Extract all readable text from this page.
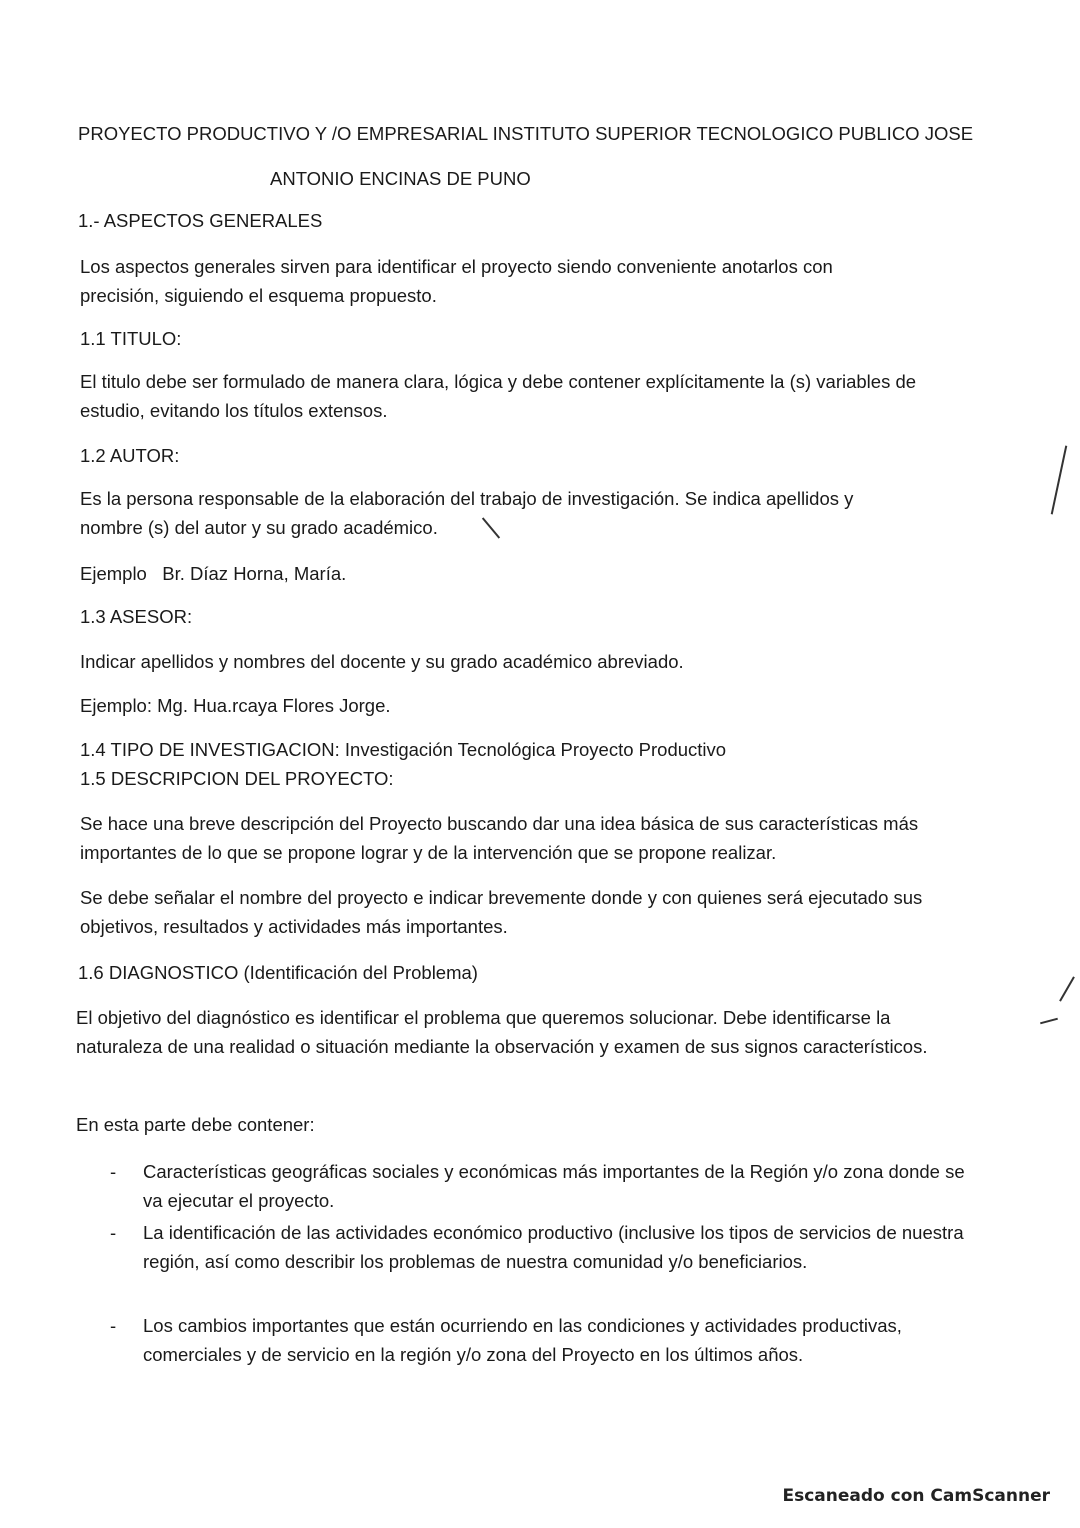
PROYECTO PRODUCTIVO Y /O EMPRESARIAL INSTITUTO SUPERIOR TECNOLOGICO PUBLICO JOSE
ANTONIO ENCINAS DE PUNO
1.- ASPECTOS GENERALES
Los aspectos generales sirven para identificar el proyecto siendo conveniente anotarlos con precisión, siguiendo el esquema propuesto.
1.1 TITULO:
El titulo debe ser formulado de manera clara, lógica y debe contener explícitamente la (s) variables de estudio, evitando los títulos extensos.
1.2 AUTOR:
Es la persona responsable de la elaboración del trabajo de investigación. Se indica apellidos y nombre (s) del autor y su grado académico.
Ejemplo   Br. Díaz Horna, María.
1.3 ASESOR:
Indicar apellidos y nombres del docente y su grado académico abreviado.
Ejemplo: Mg. Hua.rcaya Flores Jorge.
1.4 TIPO DE INVESTIGACION: Investigación Tecnológica Proyecto Productivo
1.5 DESCRIPCION DEL PROYECTO:
Se hace una breve descripción del Proyecto buscando dar una idea básica de sus características más importantes de lo que se propone lograr y de la intervención que se propone realizar.
Se debe señalar el nombre del proyecto e indicar brevemente donde y con quienes será ejecutado sus objetivos, resultados y actividades más importantes.
1.6 DIAGNOSTICO (Identificación del Problema)
El objetivo del diagnóstico es identificar el problema que queremos solucionar. Debe identificarse la naturaleza de una realidad o situación mediante la observación y examen de sus signos característicos.
En esta parte debe contener:
- Características geográficas sociales y económicas más importantes de la Región y/o zona donde se va ejecutar el proyecto.
- La identificación de las actividades económico productivo (inclusive los tipos de servicios de nuestra región, así como describir los problemas de nuestra comunidad y/o beneficiarios.
- Los cambios importantes que están ocurriendo en las condiciones y actividades productivas, comerciales y de servicio en la región y/o zona del Proyecto en los últimos años.
Escaneado con CamScanner
